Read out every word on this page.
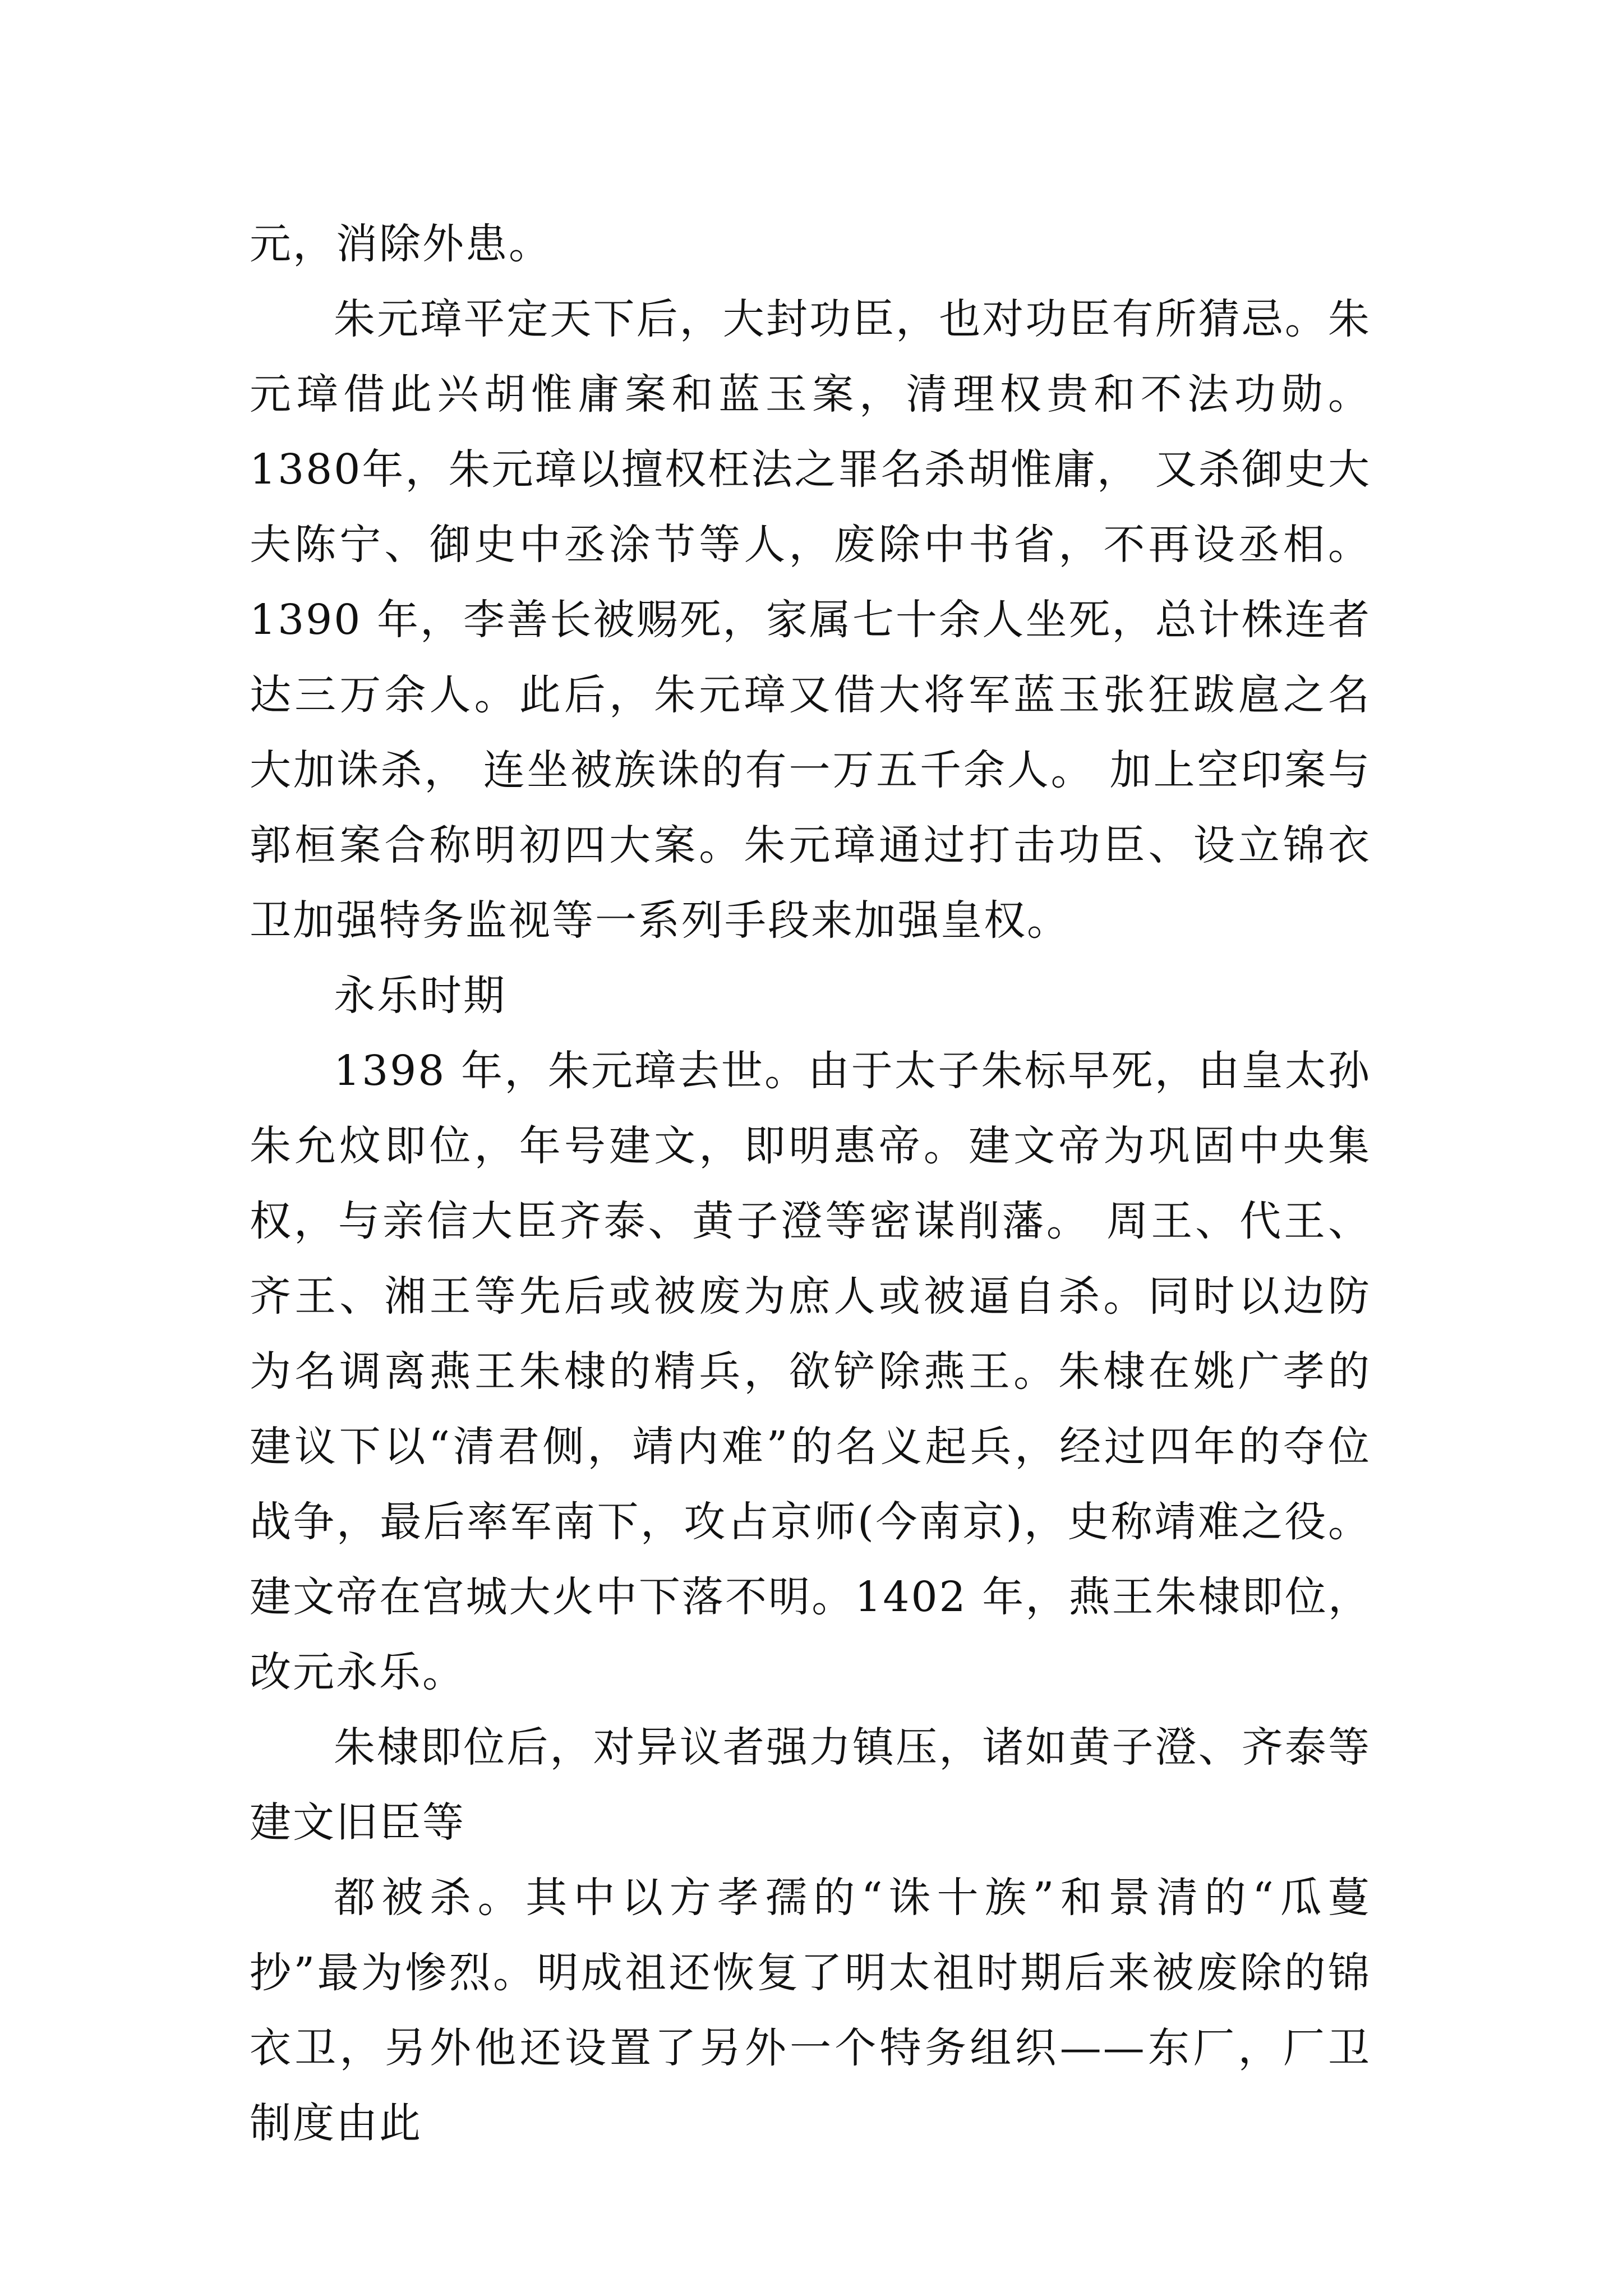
元，消除外患。

朱元璋平定天下后，大封功臣，也对功臣有所猜忌。朱元璋借此兴胡惟庸案和蓝玉案，清理权贵和不法功勋。1380年，朱元璋以擅权枉法之罪名杀胡惟庸， 又杀御史大夫陈宁、御史中丞涂节等人，废除中书省，不再设丞相。1390 年，李善长被赐死，家属七十余人坐死，总计株连者达三万余人。此后，朱元璋又借大将军蓝玉张狂跋扈之名大加诛杀， 连坐被族诛的有一万五千余人。 加上空印案与郭桓案合称明初四大案。朱元璋通过打击功臣、设立锦衣卫加强特务监视等一系列手段来加强皇权。

永乐时期

1398 年，朱元璋去世。由于太子朱标早死，由皇太孙朱允炆即位，年号建文，即明惠帝。建文帝为巩固中央集权，与亲信大臣齐泰、黄子澄等密谋削藩。 周王、代王、齐王、湘王等先后或被废为庶人或被逼自杀。同时以边防为名调离燕王朱棣的精兵，欲铲除燕王。朱棣在姚广孝的建议下以“清君侧，靖内难”的名义起兵，经过四年的夺位战争，最后率军南下，攻占京师(今南京)，史称靖难之役。建文帝在宫城大火中下落不明。1402 年，燕王朱棣即位，改元永乐。

朱棣即位后，对异议者强力镇压，诸如黄子澄、齐泰等建文旧臣等

都被杀。其中以方孝孺的“诛十族”和景清的“瓜蔓抄”最为惨烈。明成祖还恢复了明太祖时期后来被废除的锦衣卫，另外他还设置了另外一个特务组织——东厂，厂卫制度由此
